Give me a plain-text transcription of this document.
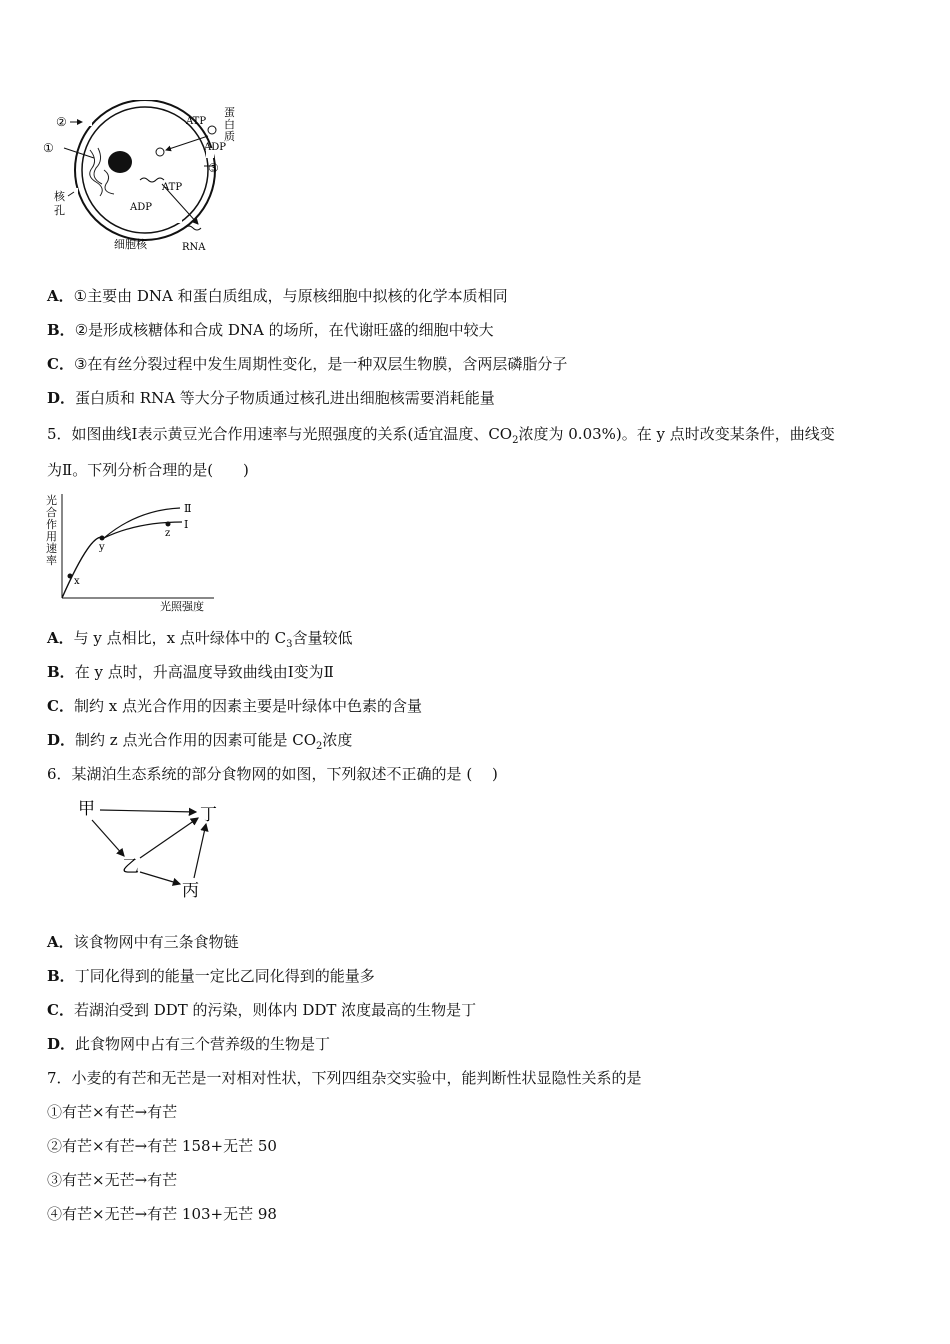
②
①
③
ATP
ADP
蛋
白
质
ATP
ADP
核
孔
细胞核	RNA
A．①主要由 DNA 和蛋白质组成，与原核细胞中拟核的化学本质相同
B．②是形成核糖体和合成 DNA 的场所，在代谢旺盛的细胞中较大
C．③在有丝分裂过程中发生周期性变化，是一种双层生物膜，含两层磷脂分子
D．蛋白质和 RNA 等大分子物质通过核孔进出细胞核需要消耗能量
5．如图曲线Ⅰ表示黄豆光合作用速率与光照强度的关系(适宜温度、$CO_2$浓度为 0.03%)。在 y 点时改变某条件，曲线变
为Ⅱ。下列分析合理的是(　　)
光
合
作
用
速
率
x
y
z
Ⅱ
Ⅰ
光照强度
A．与 y 点相比，x 点叶绿体中的 $C_3$含量较低
B．在 y 点时，升高温度导致曲线由Ⅰ变为Ⅱ
C．制约 x 点光合作用的因素主要是叶绿体中色素的含量
D．制约 z 点光合作用的因素可能是 $CO_2$浓度
6．某湖泊生态系统的部分食物网的如图，下列叙述不正确的是 (　 )
甲	丁
乙
丙
A．该食物网中有三条食物链
B．丁同化得到的能量一定比乙同化得到的能量多
C．若湖泊受到 DDT 的污染，则体内 DDT 浓度最高的生物是丁
D．此食物网中占有三个营养级的生物是丁
7．小麦的有芒和无芒是一对相对性状，下列四组杂交实验中，能判断性状显隐性关系的是
①有芒×有芒→有芒
②有芒×有芒→有芒 158+无芒 50
③有芒×无芒→有芒
④有芒×无芒→有芒 103+无芒 98
